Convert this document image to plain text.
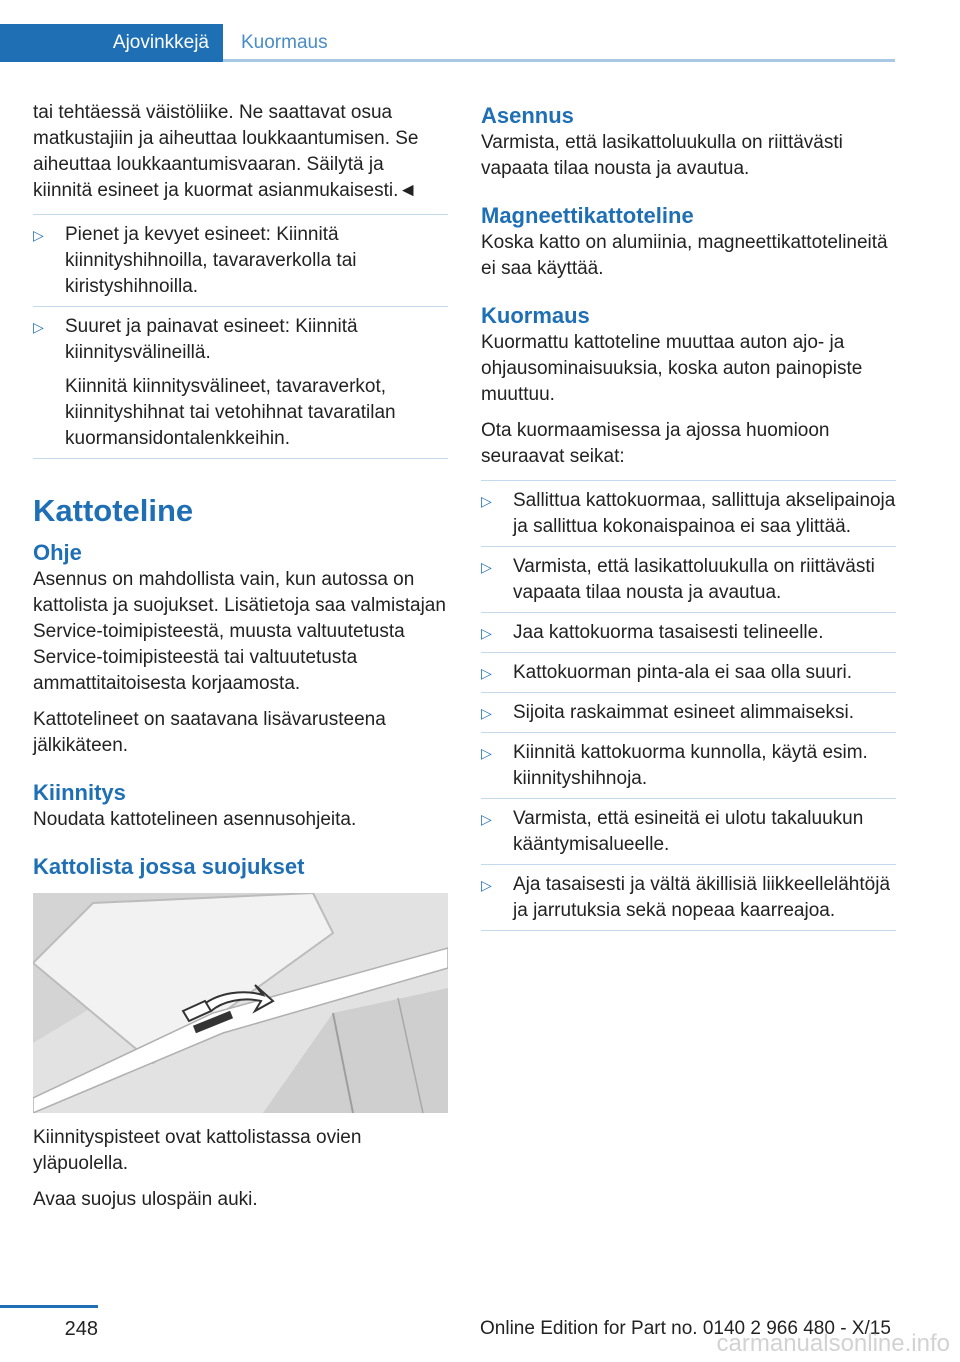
Ajovinkkejä	Kuormaus

tai tehtäessä väistöliike. Ne saattavat osua matkustajiin ja aiheuttaa loukkaantumisen. Se aiheuttaa loukkaantumisvaaran. Säilytä ja kiinnitä esineet ja kuormat asianmukaisesti.◄

▷ Pienet ja kevyet esineet: Kiinnitä kiinnityshihnoilla, tavaraverkolla tai kiristyshihnoilla.
▷ Suuret ja painavat esineet: Kiinnitä kiinnitysvälineillä.

Kiinnitä kiinnitysvälineet, tavaraverkot, kiinnityshihnat tai vetohihnat tavaratilan kuormansidontalenkkeihin.

Kattoteline
Ohje

Asennus on mahdollista vain, kun autossa on kattolista ja suojukset. Lisätietoja saa valmistajan Service-toimipisteestä, muusta valtuutetusta Service-toimipisteestä tai valtuutetusta ammattitaitoisesta korjaamosta.

Kattotelineet on saatavana lisävarusteena jälkikäteen.

Kiinnitys

Noudata kattotelineen asennusohjeita.

Kattolista jossa suojukset

Kiinnityspisteet ovat kattolistassa ovien yläpuolella.

Avaa suojus ulospäin auki.

Asennus

Varmista, että lasikattoluukulla on riittävästi vapaata tilaa nousta ja avautua.

Magneettikattoteline

Koska katto on alumiinia, magneettikattotelineitä ei saa käyttää.

Kuormaus

Kuormattu kattoteline muuttaa auton ajo- ja ohjausominaisuuksia, koska auton painopiste muuttuu.

Ota kuormaamisessa ja ajossa huomioon seuraavat seikat:

▷ Sallittua kattokuormaa, sallittuja akselipainoja ja sallittua kokonaispainoa ei saa ylittää.
▷ Varmista, että lasikattoluukulla on riittävästi vapaata tilaa nousta ja avautua.
▷ Jaa kattokuorma tasaisesti telineelle.
▷ Kattokuorman pinta-ala ei saa olla suuri.
▷ Sijoita raskaimmat esineet alimmaiseksi.
▷ Kiinnitä kattokuorma kunnolla, käytä esim. kiinnityshihnoja.
▷ Varmista, että esineitä ei ulotu takaluukun kääntymisalueelle.
▷ Aja tasaisesti ja vältä äkillisiä liikkeellelähtöjä ja jarrutuksia sekä nopeaa kaarreajoa.
248	Online Edition for Part no. 0140 2 966 480 - X/15
carmanualsonline.info
